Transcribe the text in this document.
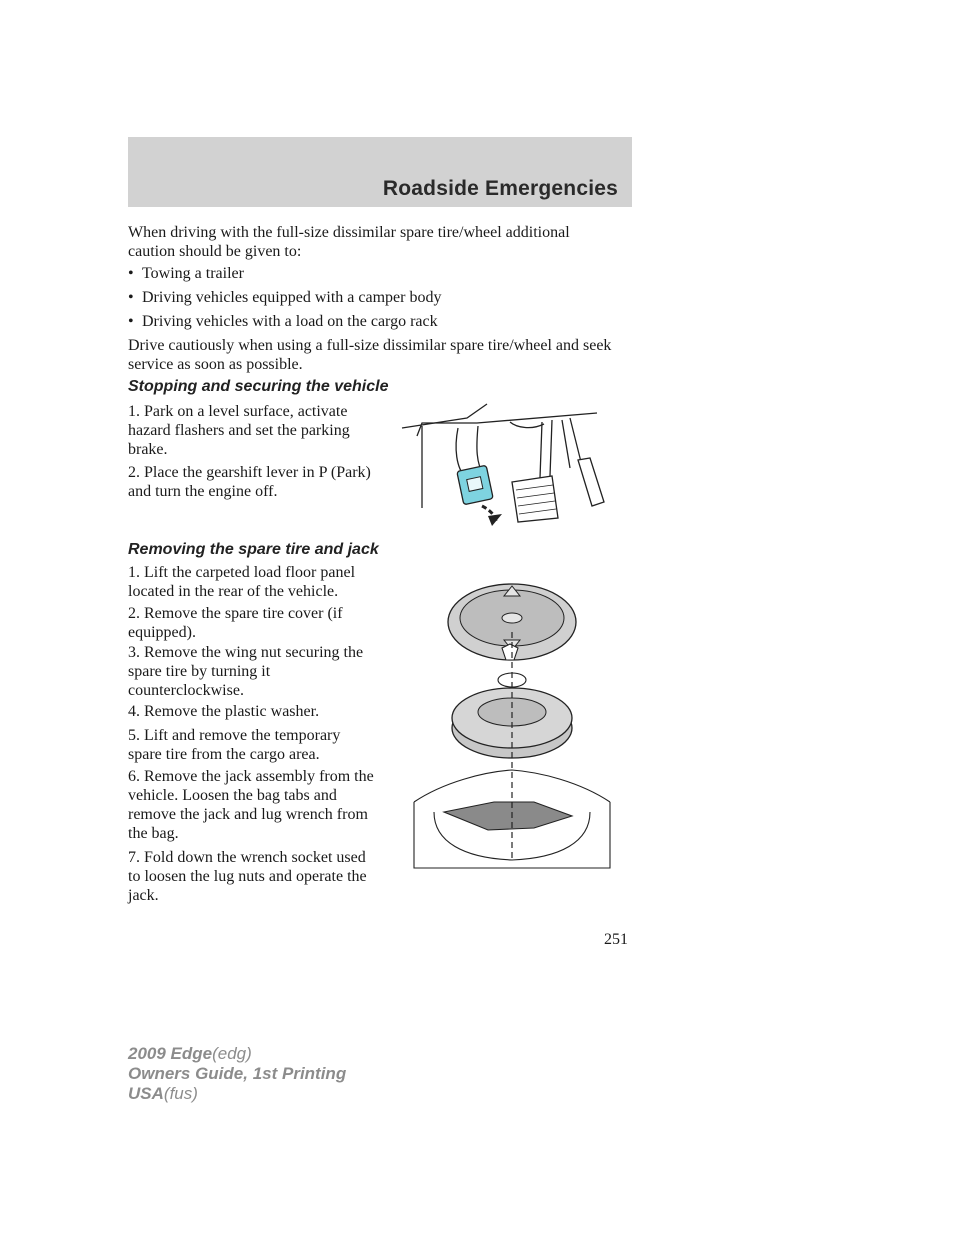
Roadside Emergencies

When driving with the full-size dissimilar spare tire/wheel additional caution should be given to:

• Towing a trailer

• Driving vehicles equipped with a camper body

• Driving vehicles with a load on the cargo rack

Drive cautiously when using a full-size dissimilar spare tire/wheel and seek service as soon as possible.

Stopping and securing the vehicle

1. Park on a level surface, activate hazard flashers and set the parking brake.

2. Place the gearshift lever in P (Park) and turn the engine off.

Removing the spare tire and jack

1. Lift the carpeted load floor panel located in the rear of the vehicle.

2. Remove the spare tire cover (if equipped).

3. Remove the wing nut securing the spare tire by turning it counterclockwise.

4. Remove the plastic washer.

5. Lift and remove the temporary spare tire from the cargo area.

6. Remove the jack assembly from the vehicle. Loosen the bag tabs and remove the jack and lug wrench from the bag.

7. Fold down the wrench socket used to loosen the lug nuts and operate the jack.

251
2009 Edge(edg)
Owners Guide, 1st Printing
USA(fus)
